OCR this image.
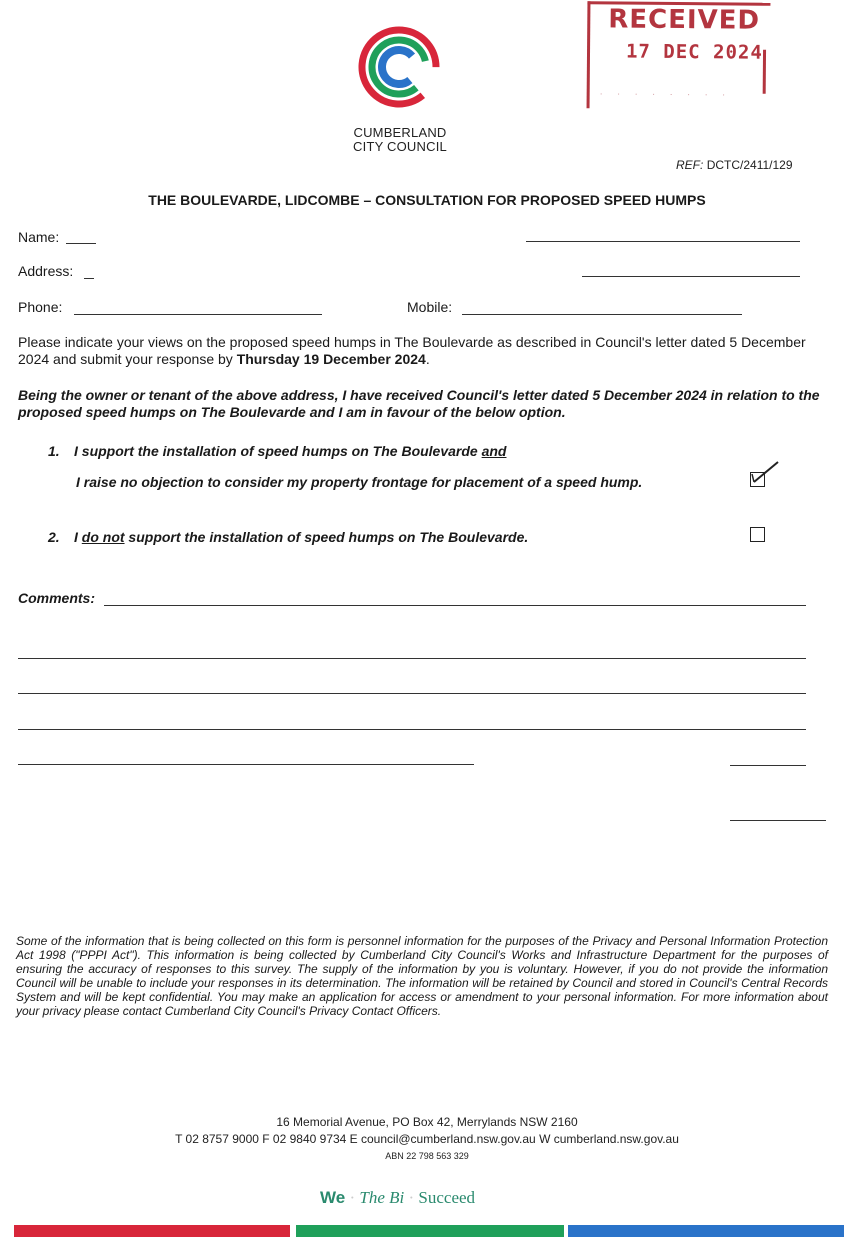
CUMBERLAND
CITY COUNCIL
RECEIVED
17 DEC 2024
· · · · · · · ·
REF: DCTC/2411/129
THE BOULEVARDE, LIDCOMBE – CONSULTATION FOR PROPOSED SPEED HUMPS
Name:
Address:
Phone:	Mobile:
Please indicate your views on the proposed speed humps in The Boulevarde as described in Council's letter dated 5 December 2024 and submit your response by Thursday 19 December 2024.
Being the owner or tenant of the above address, I have received Council's letter dated 5 December 2024 in relation to the proposed speed humps on The Boulevarde and I am in favour of the below option.
1. I support the installation of speed humps on The Boulevarde and
I raise no objection to consider my property frontage for placement of a speed hump.
2. I do not support the installation of speed humps on The Boulevarde.
Comments:
Some of the information that is being collected on this form is personnel information for the purposes of the Privacy and Personal Information Protection Act 1998 ("PPPI Act"). This information is being collected by Cumberland City Council's Works and Infrastructure Department for the purposes of ensuring the accuracy of responses to this survey. The supply of the information by you is voluntary. However, if you do not provide the information Council will be unable to include your responses in its determination. The information will be retained by Council and stored in Council's Central Records System and will be kept confidential. You may make an application for access or amendment to your personal information. For more information about your privacy please contact Cumberland City Council's Privacy Contact Officers.
16 Memorial Avenue, PO Box 42, Merrylands NSW 2160
T 02 8757 9000 F 02 9840 9734 E council@cumberland.nsw.gov.au W cumberland.nsw.gov.au
ABN 22 798 563 329
We · The Bi · Succeed
